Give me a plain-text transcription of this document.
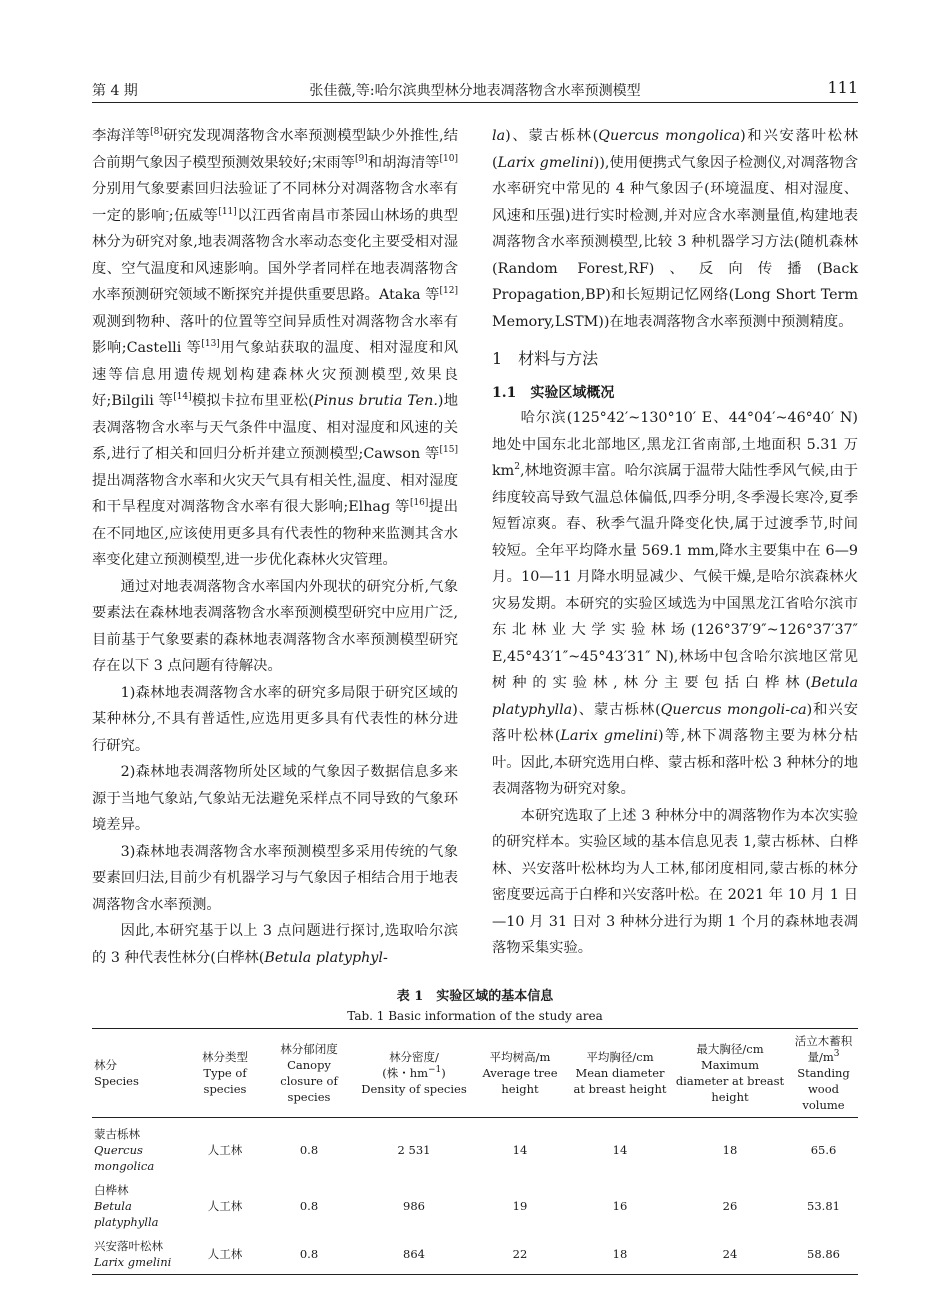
第 4 期	张佳薇,等:哈尔滨典型林分地表凋落物含水率预测模型	111

李海洋等[8]研究发现凋落物含水率预测模型缺少外推性,结合前期气象因子模型预测效果较好;宋雨等[9]和胡海清等[10]分别用气象要素回归法验证了不同林分对凋落物含水率有一定的影响-;伍威等[11]以江西省南昌市茶园山林场的典型林分为研究对象,地表凋落物含水率动态变化主要受相对湿度、空气温度和风速影响。国外学者同样在地表凋落物含水率预测研究领域不断探究并提供重要思路。Ataka 等[12]观测到物种、落叶的位置等空间异质性对凋落物含水率有影响;Castelli 等[13]用气象站获取的温度、相对湿度和风速等信息用遗传规划构建森林火灾预测模型,效果良好;Bilgili 等[14]模拟卡拉布里亚松(Pinus brutia Ten.)地表凋落物含水率与天气条件中温度、相对湿度和风速的关系,进行了相关和回归分析并建立预测模型;Cawson 等[15]提出凋落物含水率和火灾天气具有相关性,温度、相对湿度和干旱程度对凋落物含水率有很大影响;Elhag 等[16]提出在不同地区,应该使用更多具有代表性的物种来监测其含水率变化建立预测模型,进一步优化森林火灾管理。

通过对地表凋落物含水率国内外现状的研究分析,气象要素法在森林地表凋落物含水率预测模型研究中应用广泛,目前基于气象要素的森林地表凋落物含水率预测模型研究存在以下 3 点问题有待解决。

1)森林地表凋落物含水率的研究多局限于研究区域的某种林分,不具有普适性,应选用更多具有代表性的林分进行研究。

2)森林地表凋落物所处区域的气象因子数据信息多来源于当地气象站,气象站无法避免采样点不同导致的气象环境差异。

3)森林地表凋落物含水率预测模型多采用传统的气象要素回归法,目前少有机器学习与气象因子相结合用于地表凋落物含水率预测。

因此,本研究基于以上 3 点问题进行探讨,选取哈尔滨的 3 种代表性林分(白桦林(Betula platyphyl-

la)、蒙古栎林(Quercus mongolica)和兴安落叶松林(Larix gmelini)),使用便携式气象因子检测仪,对凋落物含水率研究中常见的 4 种气象因子(环境温度、相对湿度、风速和压强)进行实时检测,并对应含水率测量值,构建地表凋落物含水率预测模型,比较 3 种机器学习方法(随机森林(Random Forest,RF)、反向传播(Back Propagation,BP)和长短期记忆网络(Long Short Term Memory,LSTM))在地表凋落物含水率预测中预测精度。

1　材料与方法
1.1　实验区域概况

哈尔滨(125°42′~130°10′ E、44°04′~46°40′ N)地处中国东北北部地区,黑龙江省南部,土地面积 5.31 万 $km^2$,林地资源丰富。哈尔滨属于温带大陆性季风气候,由于纬度较高导致气温总体偏低,四季分明,冬季漫长寒冷,夏季短暂凉爽。春、秋季气温升降变化快,属于过渡季节,时间较短。全年平均降水量 569.1 mm,降水主要集中在 6—9 月。10—11 月降水明显减少、气候干燥,是哈尔滨森林火灾易发期。本研究的实验区域选为中国黑龙江省哈尔滨市东北林业大学实验林场(126°37′9″~126°37′37″ E,45°43′1″~45°43′31″ N),林场中包含哈尔滨地区常见树种的实验林,林分主要包括白桦林(Betula platyphylla)、蒙古栎林(Quercus mongoli-ca)和兴安落叶松林(Larix gmelini)等,林下凋落物主要为林分枯叶。因此,本研究选用白桦、蒙古栎和落叶松 3 种林分的地表凋落物为研究对象。

本研究选取了上述 3 种林分中的凋落物作为本次实验的研究样本。实验区域的基本信息见表 1,蒙古栎林、白桦林、兴安落叶松林均为人工林,郁闭度相同,蒙古栎的林分密度要远高于白桦和兴安落叶松。在 2021 年 10 月 1 日—10 月 31 日对 3 种林分进行为期 1 个月的森林地表凋落物采集实验。

表 1　实验区域的基本信息
Tab. 1 Basic information of the study area
林分
Species	林分类型
Type of species	林分郁闭度
Canopy closure of species	林分密度/
(株・$hm^{-1}$)
Density of species	平均树高/m
Average tree height	平均胸径/cm
Mean diameter at breast height	最大胸径/cm
Maximum diameter at breast height	活立木蓄积量$/m^3$
Standing wood volume
蒙古栎林
Quercus mongolica	人工林	0.8	2 531	14	14	18	65.6
白桦林
Betula platyphylla	人工林	0.8	986	19	16	26	53.81
兴安落叶松林
Larix gmelini	人工林	0.8	864	22	18	24	58.86
